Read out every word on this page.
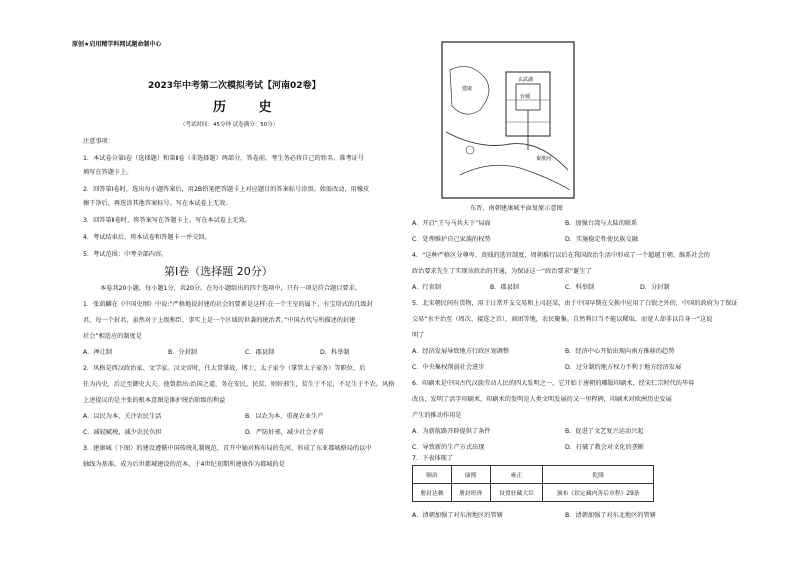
原创★启用精学科网试题命制中心
2023年中考第二次模拟考试【河南02卷】
历 史
（考试时间：45分钟 试卷满分：50分）
注意事项：
1．本试卷分第Ⅰ卷（选择题）和第Ⅱ卷（非选择题）两部分。答卷前，考生务必将自己的姓名、准考证号
填写在答题卡上。
2．回答第Ⅰ卷时，选出每小题答案后，用2B铅笔把答题卡上对应题目的答案标号涂黑。如需改动，用橡皮
擦干净后，再选涂其他答案标号。写在本试卷上无效。
3．回答第Ⅱ卷时，将答案写在答题卡上。写在本试卷上无效。
4．考试结束后，将本试卷和答题卡一并交回。
5．考试范围：中考全部内容。
第Ⅰ卷（选择题 20分）
本卷共20小题，每小题1分，共20分。在每小题给出的四个选项中，只有一项是符合题目要求。
1．张荫麟在《中国史纲》中说:“严格地说封建的社会的要素是这样:在一个王室的属下，有宝塔式的几级封
君，每一个封君，虽然对于上级称臣，事实上是一个区域的世袭的统治者。”中国古代与所描述的封建
社会”相适应的制度是
A．禅让制	B．分封制	C．郡县制	D．科举制
2．风格是西汉政治家、文学家。汉文帝时，任太常掌故，博士，太子家令（掌管太子家务）等职位，后
任为内史，后迁至御史大夫。他曾指出:治国之道，务在安民，民贫，则奸邪生，贫生于不足，不足生于不农。风格
上述提议的是主张的根本意图是维护统治阶级的利益
A．以民为本，关注农民生活	B．以农为本，重视农业生产
C．减轻赋税，减少农民负担	D．严防奸邪，减少社会矛盾
3．建康城（下图）的建设遵循中国传统礼制规范，首开中轴对称布局的先河，形成了东亚都城格局的以中
轴线为基准。成为后世都城建设的范本。于4世纪初期所建康作为都城的是
玄武湖
台城
建康
秦淮河
东晋、南朝建康城平面复原示意图
A．开启“王与马共天下”局面	B．加强台湾与大陆的联系
C．处理维护自己家族的权势	D．实施稳定性使民族交融
4．“这种严格区分尊卑、贵贱的选官制度，周朝推行以后在我国政治生活中形成了一个超越王朝、维系社会的
政治要求先生了实现该政治的开通，为保证这一“政治要求”诞生了
A．行省制	B．郡县制	C．科举制	D．分封制
5．北宋朝民间有货物，用于日常开支交易和上司赵某，由于中国早期在交换中应用了白银之外的，中国的政府为了保证
交易“水平治至（周次、接连之首），商团等地，农民聚集。自然利目当不能以稀取，而宽人却非以自身一“这说
明了
A．经济发展导致地方行政区划调整	B．经济中心开始出现向南方推移的趋势
C．中央集权削弱社会进步	D．过分制约地方权力不利于地方经济发展
6．印刷术是中国古代汉族劳动人民的四大发明之一，它开始于唐朝的雕版印刷术，经宋仁宗时代的毕昇
改良，发明了活字印刷术，印刷术的发明是人类文明发展的又一里程碑，印刷术对欧洲历史发展
产生的推动作用是
A．为新航路开辟提供了条件	B．促进了文艺复兴运动兴起
C．导致新的生产方式出现	D．打破了教会对文化的垄断
7．下表体现了
顺治	康熙	雍正	乾隆
册封达赖	册封班禅	设置驻藏大臣	颁布《钦定藏内善后章程》29条
A．清朝加强了对东南地区的管辖	B．清朝加强了对东北地区的管辖
